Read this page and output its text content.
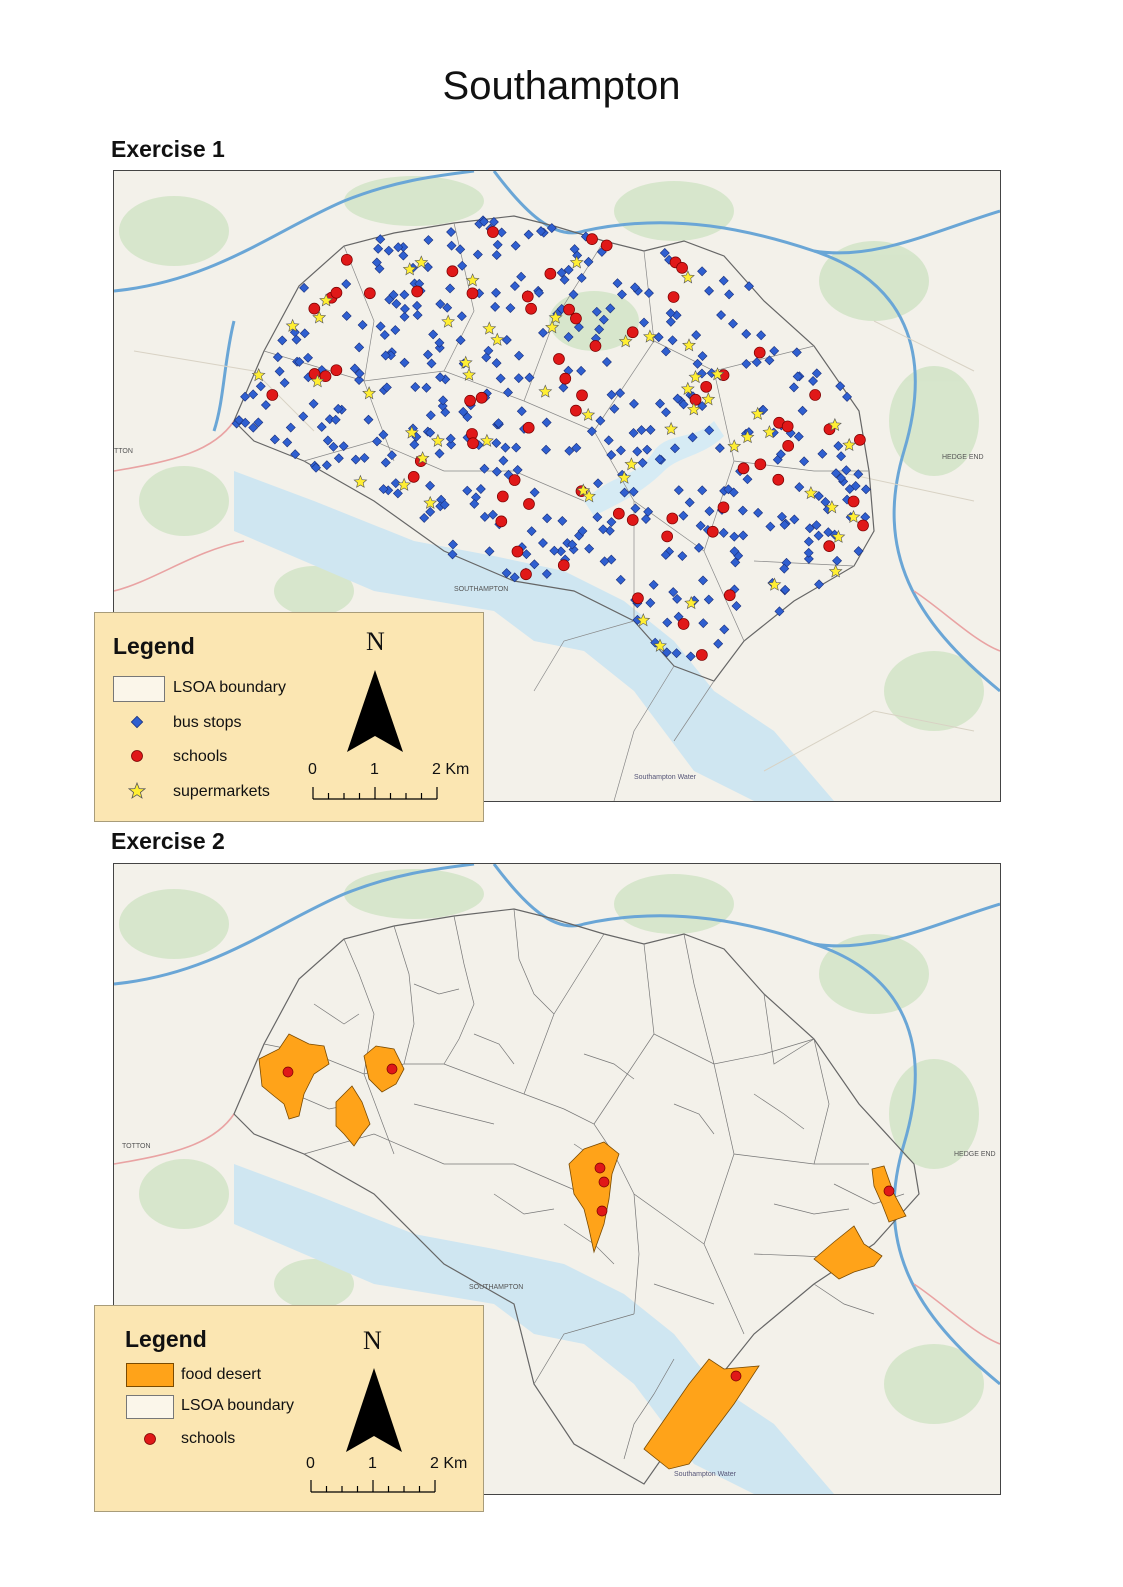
Southampton
Exercise 1
TTON
HEDGE END
SOUTHAMPTON
Southampton Water
Legend
LSOA boundary
bus stops
schools
supermarkets
N
0	1	2 Km
Exercise 2
TOTTON
HEDGE END
SOUTHAMPTON
Southampton Water
Legend
food desert
LSOA boundary
schools
N
0	1	2 Km
